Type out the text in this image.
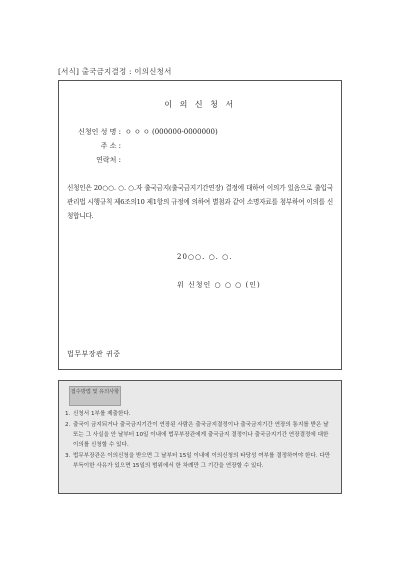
[서식] 출국금지결정 : 이의신청서
이 의 신 청 서
신청인 성 명 : ㅇ ㅇ ㅇ (000000-0000000)
주 소 :
연락처 :
신청인은 20○○. ○. ○.자 출국금지(출국금지기간연장) 결정에 대하여 이의가 있음으로 출입국관리법 시행규칙 제6조의10 제1항의 규정에 의하여 별첨과 같이 소명자료를 첨부하여 이의를 신청합니다.
20○○. ○. ○.
위 신청인 ○ ○ ○ (인)
법무부장관 귀중
접수방법 및 유의사항
1. 신청서 1부를 제출한다.
2. 출국이 금지되거나 출국금지기간이 연장된 사람은 출국금지결정이나 출국금지기간 연장의 통지를 받은 날 또는 그 사실을 안 날부터 10일 이내에 법무부장관에게 출국금지 결정이나 출국금지기간 연장결정에 대한 이의를 신청할 수 있다.
3. 법무부장관은 이의신청을 받으면 그 날부터 15일 이내에 이의신청의 타당성 여부를 결정하여야 한다. 다만 부득이한 사유가 있으면 15일의 범위에서 한 차례만 그 기간을 연장할 수 있다.
